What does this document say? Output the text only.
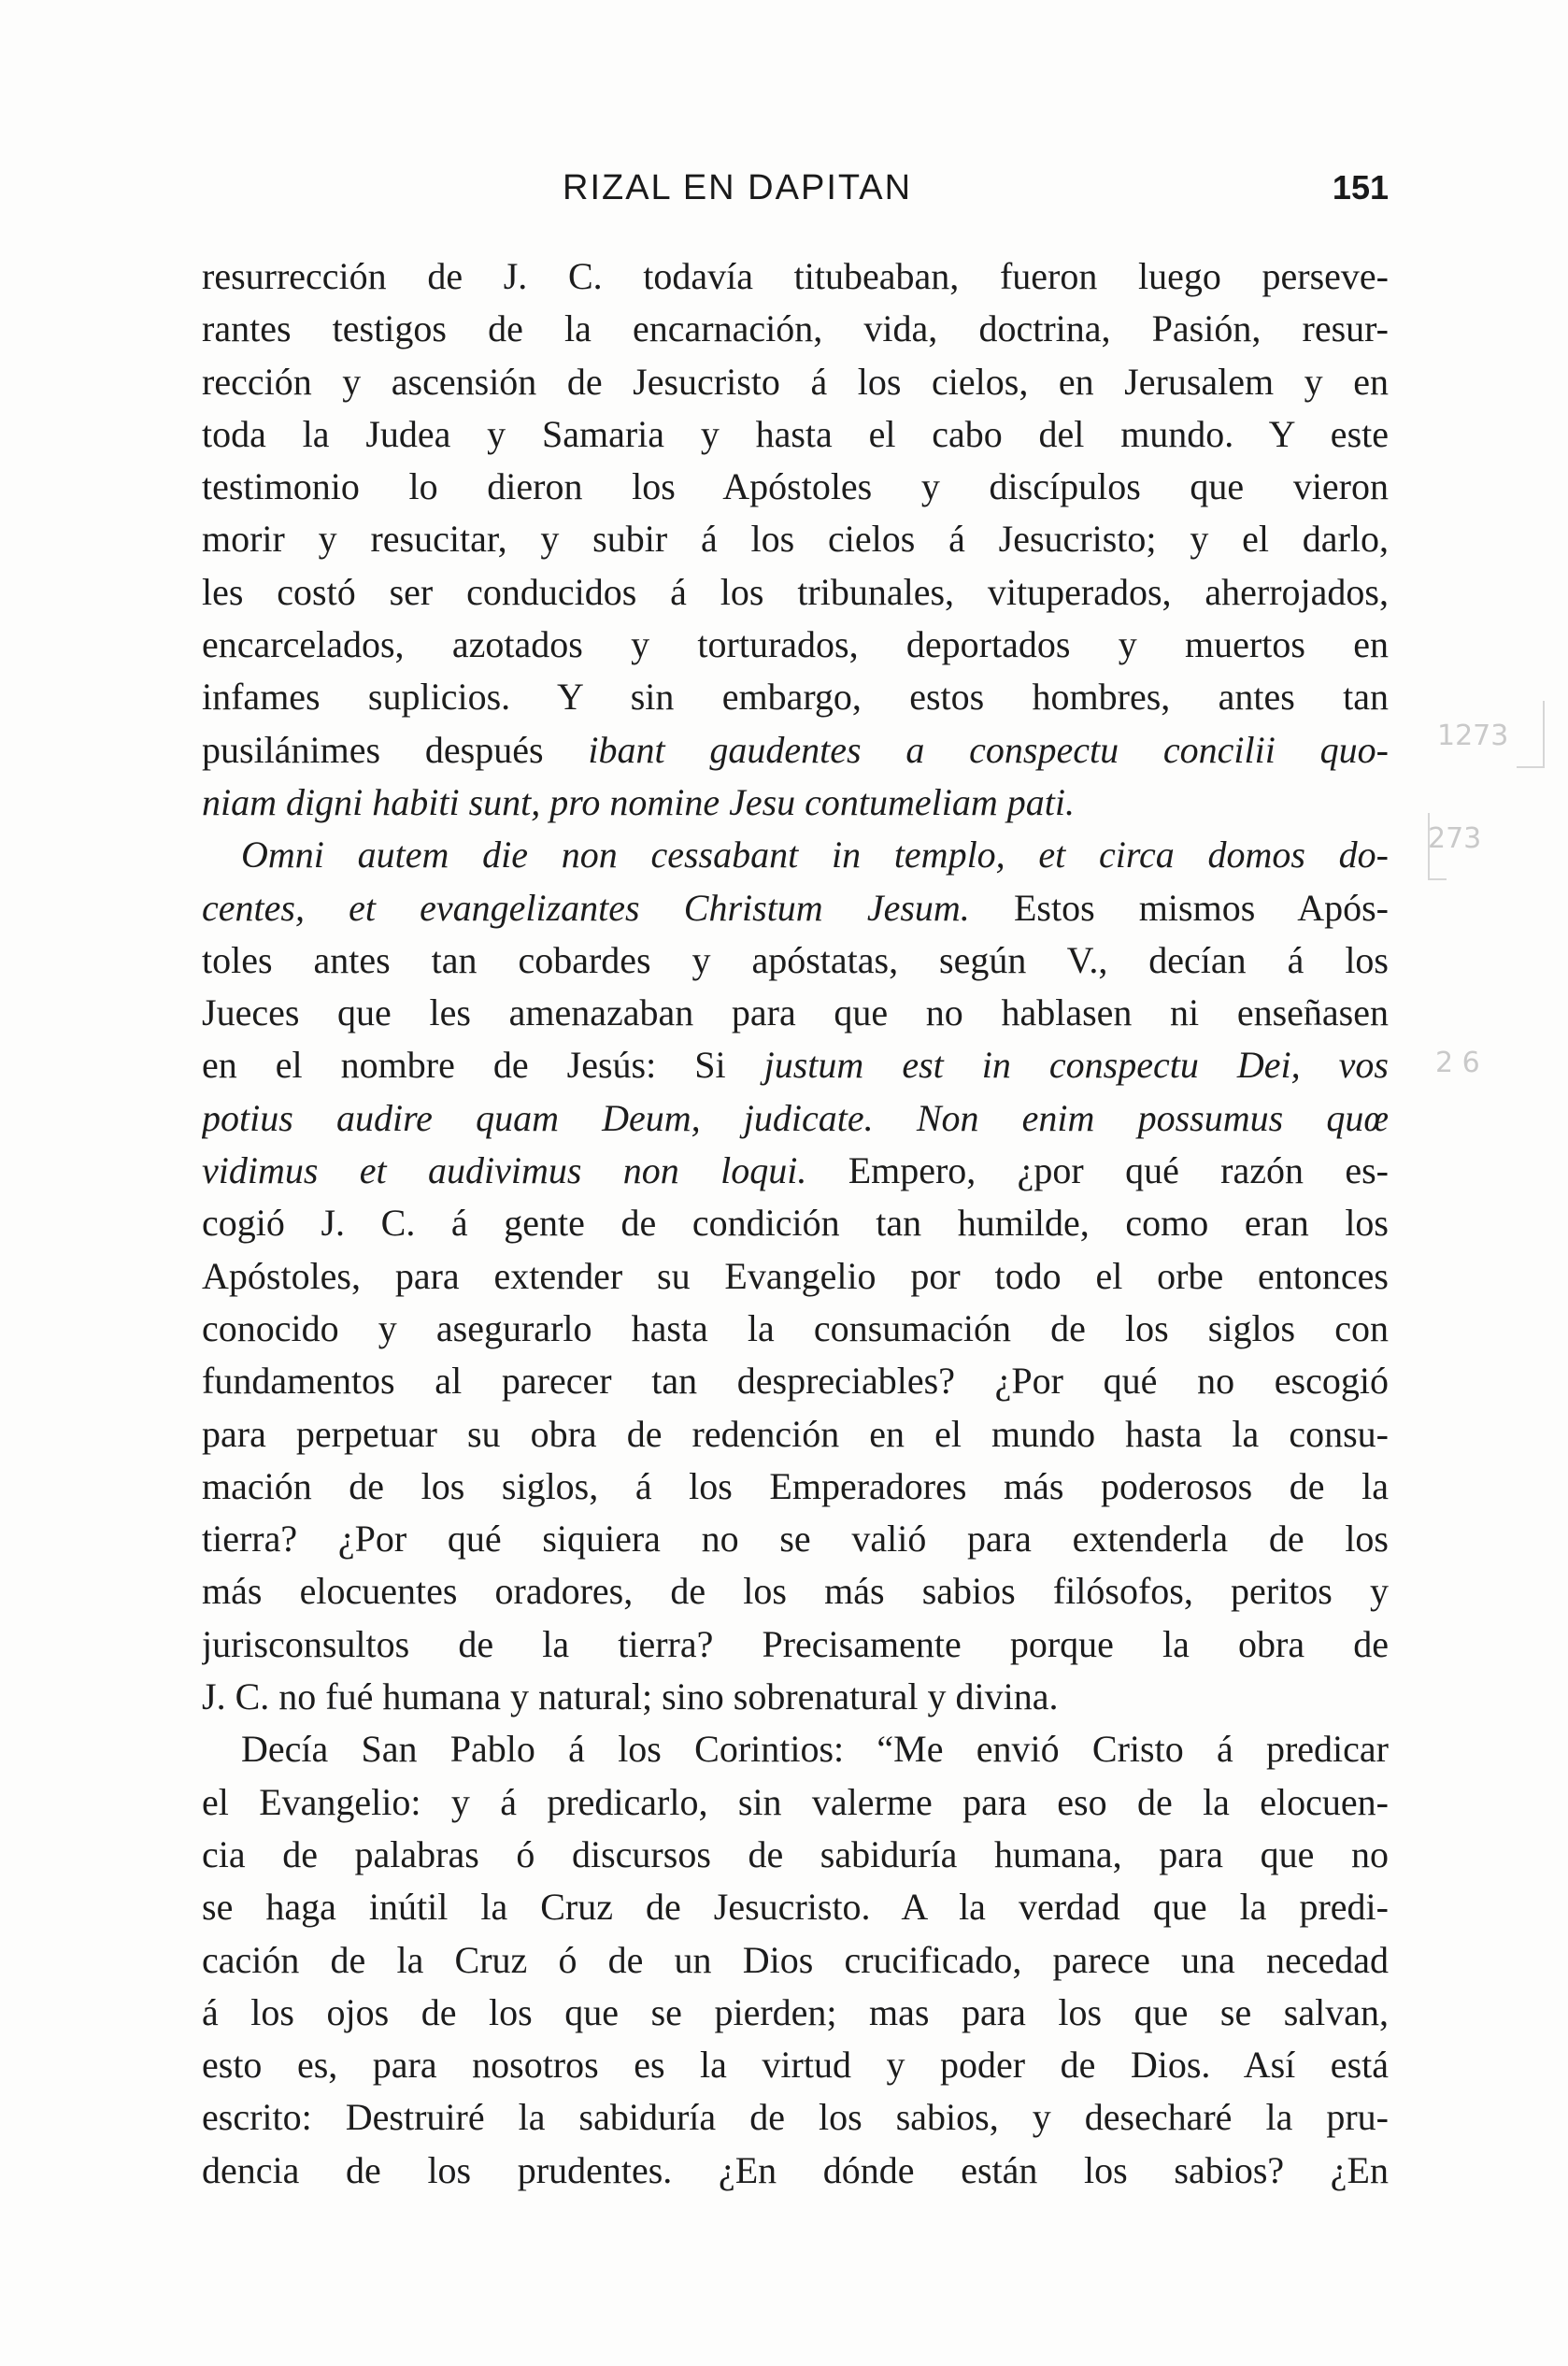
RIZAL EN DAPITAN	151
resurrección de J. C. todavía titubeaban, fueron luego perseve-
rantes testigos de la encarnación, vida, doctrina, Pasión, resur-
rección y ascensión de Jesucristo á los cielos, en Jerusalem y en
toda la Judea y Samaria y hasta el cabo del mundo. Y este
testimonio lo dieron los Apóstoles y discípulos que vieron
morir y resucitar, y subir á los cielos á Jesucristo; y el darlo,
les costó ser conducidos á los tribunales, vituperados, aherrojados,
encarcelados, azotados y torturados, deportados y muertos en
infames suplicios. Y sin embargo, estos hombres, antes tan
pusilánimes después ibant gaudentes a conspectu concilii quo-
niam digni habiti sunt, pro nomine Jesu contumeliam pati.
Omni autem die non cessabant in templo, et circa domos do-
centes, et evangelizantes Christum Jesum. Estos mismos Após-
toles antes tan cobardes y apóstatas, según V., decían á los
Jueces que les amenazaban para que no hablasen ni enseñasen
en el nombre de Jesús: Si justum est in conspectu Dei, vos
potius audire quam Deum, judicate. Non enim possumus quœ
vidimus et audivimus non loqui. Empero, ¿por qué razón es-
cogió J. C. á gente de condición tan humilde, como eran los
Apóstoles, para extender su Evangelio por todo el orbe entonces
conocido y asegurarlo hasta la consumación de los siglos con
fundamentos al parecer tan despreciables? ¿Por qué no escogió
para perpetuar su obra de redención en el mundo hasta la consu-
mación de los siglos, á los Emperadores más poderosos de la
tierra? ¿Por qué siquiera no se valió para extenderla de los
más elocuentes oradores, de los más sabios filósofos, peritos y
jurisconsultos de la tierra? Precisamente porque la obra de
J. C. no fué humana y natural; sino sobrenatural y divina.
Decía San Pablo á los Corintios: “Me envió Cristo á predicar
el Evangelio: y á predicarlo, sin valerme para eso de la elocuen-
cia de palabras ó discursos de sabiduría humana, para que no
se haga inútil la Cruz de Jesucristo. A la verdad que la predi-
cación de la Cruz ó de un Dios crucificado, parece una necedad
á los ojos de los que se pierden; mas para los que se salvan,
esto es, para nosotros es la virtud y poder de Dios. Así está
escrito: Destruiré la sabiduría de los sabios, y desecharé la pru-
dencia de los prudentes. ¿En dónde están los sabios? ¿En
1273
273
2 6
